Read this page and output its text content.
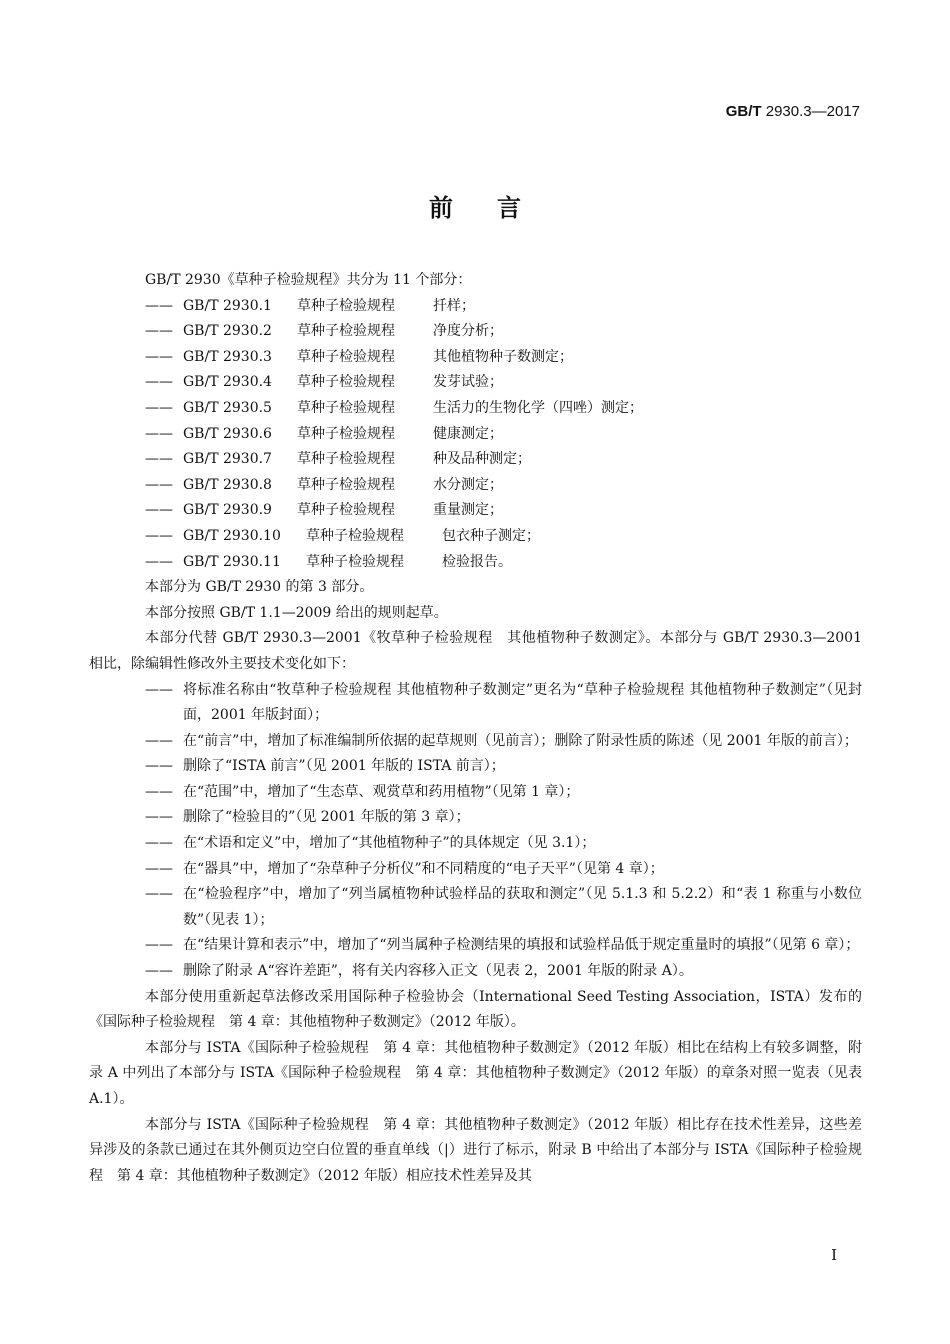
GB/T 2930.3—2017
前言

GB/T 2930《草种子检验规程》共分为 11 个部分：

—— GB/T 2930.1	草种子检验规程	扦样；
—— GB/T 2930.2	草种子检验规程	净度分析；
—— GB/T 2930.3	草种子检验规程	其他植物种子数测定；
—— GB/T 2930.4	草种子检验规程	发芽试验；
—— GB/T 2930.5	草种子检验规程	生活力的生物化学（四唑）测定；
—— GB/T 2930.6	草种子检验规程	健康测定；
—— GB/T 2930.7	草种子检验规程	种及品种测定；
—— GB/T 2930.8	草种子检验规程	水分测定；
—— GB/T 2930.9	草种子检验规程	重量测定；
—— GB/T 2930.10	草种子检验规程	包衣种子测定；
—— GB/T 2930.11	草种子检验规程	检验报告。

本部分为 GB/T 2930 的第 3 部分。

本部分按照 GB/T 1.1—2009 给出的规则起草。

本部分代替 GB/T 2930.3—2001《牧草种子检验规程　其他植物种子数测定》。本部分与 GB/T 2930.3—2001 相比，除编辑性修改外主要技术变化如下：

—— 将标准名称由“牧草种子检验规程 其他植物种子数测定”更名为“草种子检验规程 其他植物种子数测定”（见封面，2001 年版封面）；
—— 在“前言”中，增加了标准编制所依据的起草规则（见前言）；删除了附录性质的陈述（见 2001 年版的前言）；
—— 删除了“ISTA 前言”（见 2001 年版的 ISTA 前言）；
—— 在“范围”中，增加了“生态草、观赏草和药用植物”（见第 1 章）；
—— 删除了“检验目的”（见 2001 年版的第 3 章）；
—— 在“术语和定义”中，增加了“其他植物种子”的具体规定（见 3.1）；
—— 在“器具”中，增加了“杂草种子分析仪”和不同精度的“电子天平”（见第 4 章）；
—— 在“检验程序”中，增加了“列当属植物种试验样品的获取和测定”（见 5.1.3 和 5.2.2）和“表 1 称重与小数位数”（见表 1）；
—— 在“结果计算和表示”中，增加了“列当属种子检测结果的填报和试验样品低于规定重量时的填报”（见第 6 章）；
—— 删除了附录 A“容许差距”，将有关内容移入正文（见表 2，2001 年版的附录 A）。

本部分使用重新起草法修改采用国际种子检验协会（International Seed Testing Association，ISTA）发布的《国际种子检验规程　第 4 章：其他植物种子数测定》（2012 年版）。

本部分与 ISTA《国际种子检验规程　第 4 章：其他植物种子数测定》（2012 年版）相比在结构上有较多调整，附录 A 中列出了本部分与 ISTA《国际种子检验规程　第 4 章：其他植物种子数测定》（2012 年版）的章条对照一览表（见表 A.1）。

本部分与 ISTA《国际种子检验规程　第 4 章：其他植物种子数测定》（2012 年版）相比存在技术性差异，这些差异涉及的条款已通过在其外侧页边空白位置的垂直单线（|）进行了标示，附录 B 中给出了本部分与 ISTA《国际种子检验规程　第 4 章：其他植物种子数测定》（2012 年版）相应技术性差异及其

I
